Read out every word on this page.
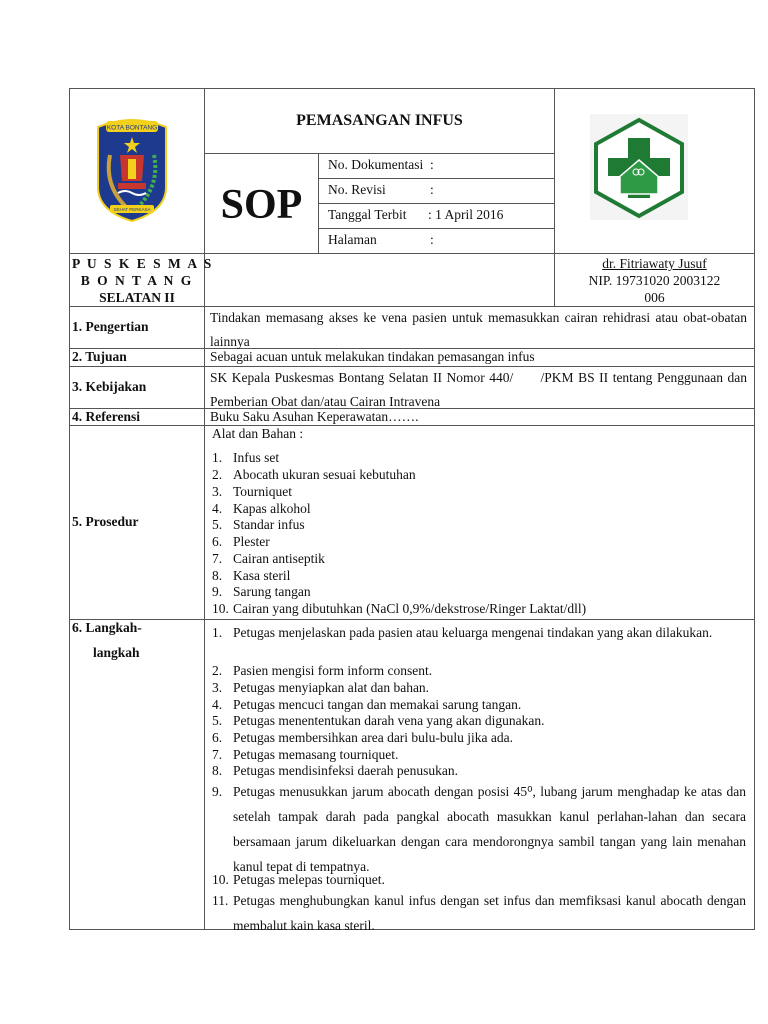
KOTA BONTANG
SEHAT PERKASA
PEMASANGAN INFUS
SOP
No. Dokumentasi :
No. Revisi	:
Tanggal Terbit : 1 April 2016
Halaman	:
P U S K E S M A S
B O N T A N G
SELATAN II
dr. Fitriawaty Jusuf
NIP. 19731020 2003122
006
1. Pengertian
Tindakan memasang akses ke vena pasien untuk memasukkan cairan rehidrasi atau obat-obatan lainnya
2. Tujuan	Sebagai acuan untuk melakukan tindakan pemasangan infus
3. Kebijakan
SK Kepala Puskesmas Bontang Selatan II Nomor 440/      /PKM BS II tentang Penggunaan dan Pemberian Obat dan/atau Cairan Intravena
4. Referensi	Buku Saku Asuhan Keperawatan…….
5. Prosedur
Alat dan Bahan :
1. Infus set
2. Abocath ukuran sesuai kebutuhan
3. Tourniquet
4. Kapas alkohol
5. Standar infus
6. Plester
7. Cairan antiseptik
8. Kasa steril
9. Sarung tangan
10. Cairan yang dibutuhkan (NaCl 0,9%/dekstrose/Ringer Laktat/dll)
6. Langkah-
langkah
1. Petugas menjelaskan pada pasien atau keluarga mengenai tindakan yang akan dilakukan.
2. Pasien mengisi form inform consent.
3. Petugas menyiapkan alat dan bahan.
4. Petugas mencuci tangan dan memakai sarung tangan.
5. Petugas menententukan darah vena yang akan digunakan.
6. Petugas membersihkan area dari bulu-bulu jika ada.
7. Petugas memasang tourniquet.
8. Petugas mendisinfeksi daerah penusukan.
9. Petugas menusukkan jarum abocath dengan posisi 45⁰, lubang jarum menghadap ke atas dan setelah tampak darah pada pangkal abocath masukkan kanul perlahan-lahan dan secara bersamaan jarum dikeluarkan dengan cara mendorongnya sambil tangan yang lain menahan kanul tepat di tempatnya.
10. Petugas melepas tourniquet.
11. Petugas menghubungkan kanul infus dengan set infus dan memfiksasi kanul abocath dengan membalut kain kasa steril.
